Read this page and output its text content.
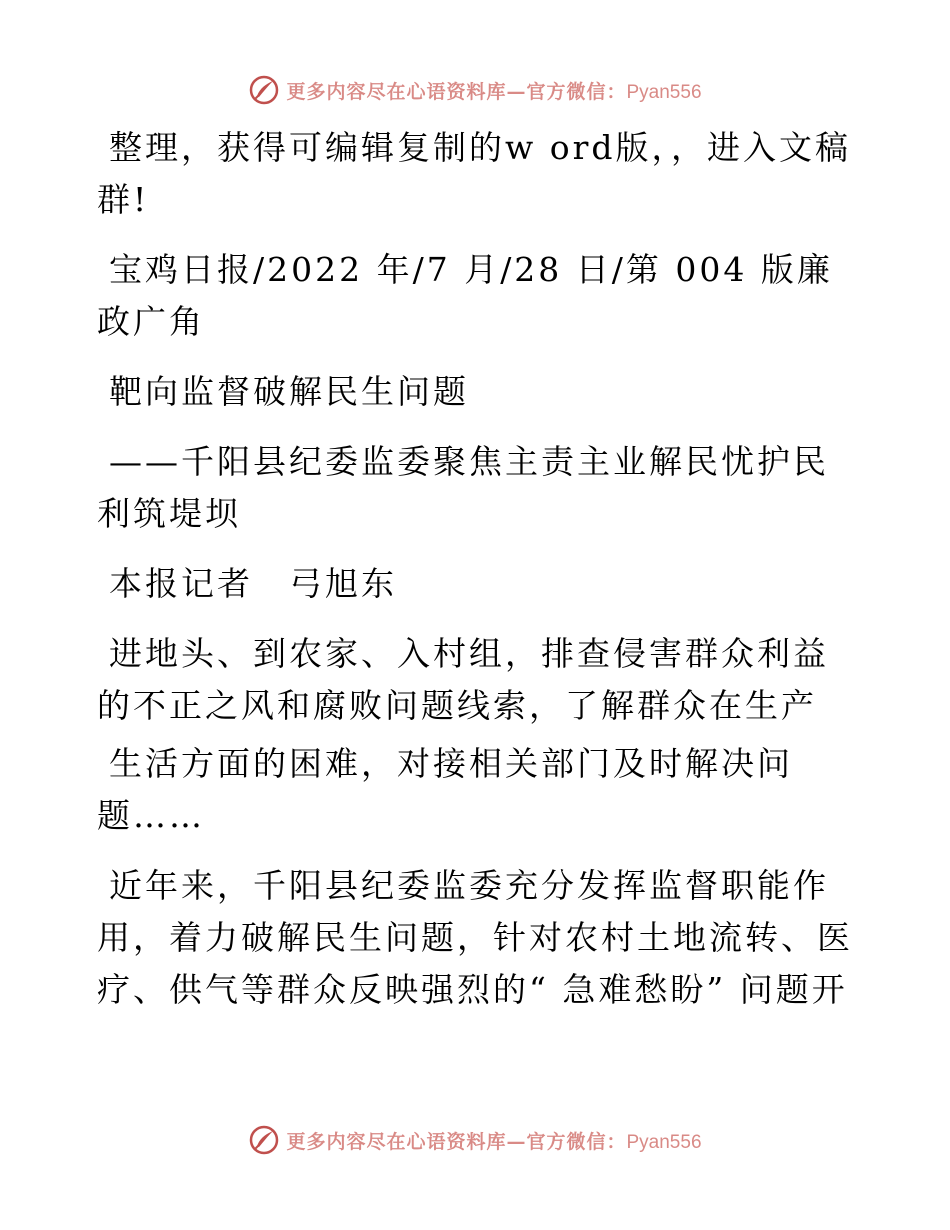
更多内容尽在心语资料库—官方微信：Pyan556

整理，获得可编辑复制的w ord版，，进入文稿群!

宝鸡日报/2022 年/7 月/28 日/第 004 版廉政广角

靶向监督破解民生问题

——千阳县纪委监委聚焦主责主业解民忧护民利筑堤坝

本报记者　弓旭东

进地头、到农家、入村组，排查侵害群众利益的不正之风和腐败问题线索，了解群众在生产

生活方面的困难，对接相关部门及时解决问题……

近年来，千阳县纪委监委充分发挥监督职能作用，着力破解民生问题，针对农村土地流转、医疗、供气等群众反映强烈的“ 急难愁盼” 问题开

更多内容尽在心语资料库—官方微信：Pyan556
